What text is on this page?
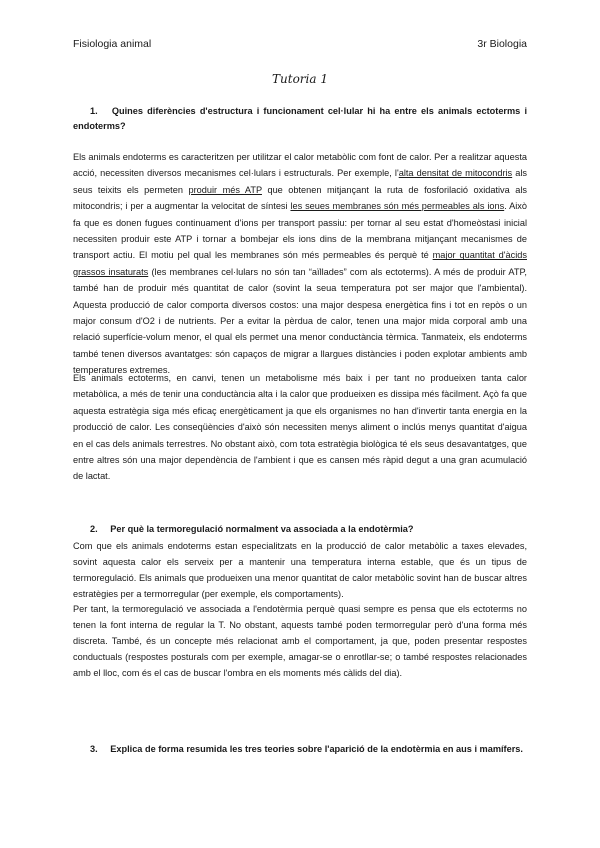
Fisiologia animal	3r Biologia
Tutoria 1
1. Quines diferències d'estructura i funcionament cel·lular hi ha entre els animals ectoterms i endoterms?

Els animals endoterms es caracteritzen per utilitzar el calor metabòlic com font de calor. Per a realitzar aquesta acció, necessiten diversos mecanismes cel·lulars i estructurals. Per exemple, l'alta densitat de mitocondris als seus teixits els permeten produir més ATP que obtenen mitjançant la ruta de fosforilació oxidativa als mitocondris; i per a augmentar la velocitat de síntesi les seues membranes són més permeables als ions. Això fa que es donen fugues continuament d'ions per transport passiu: per tornar al seu estat d'homeòstasi inicial necessiten produir este ATP i tornar a bombejar els ions dins de la membrana mitjançant mecanismes de transport actiu. El motiu pel qual les membranes són més permeables és perquè té major quantitat d'àcids grassos insaturats (les membranes cel·lulars no són tan “aïllades” com als ectoterms). A més de produir ATP, també han de produir més quantitat de calor (sovint la seua temperatura pot ser major que l'ambiental). Aquesta producció de calor comporta diversos costos: una major despesa energètica fins i tot en repòs o un major consum d'O2 i de nutrients. Per a evitar la pèrdua de calor, tenen una major mida corporal amb una relació superfície-volum menor, el qual els permet una menor conductància tèrmica. Tanmateix, els endoterms també tenen diversos avantatges: són capaços de migrar a llargues distàncies i poden explotar ambients amb temperatures extremes.

Els animals ectoterms, en canvi, tenen un metabolisme més baix i per tant no produeixen tanta calor metabòlica, a més de tenir una conductància alta i la calor que produeixen es dissipa més fàcilment. Açò fa que aquesta estratègia siga més eficaç energèticament ja que els organismes no han d'invertir tanta energia en la producció de calor. Les conseqüències d'això són necessiten menys aliment o inclús menys quantitat d'aigua en el cas dels animals terrestres. No obstant això, com tota estratègia biològica té els seus desavantatges, que entre altres són una major dependència de l'ambient i que es cansen més ràpid degut a una gran acumulació de lactat.

2. Per què la termoregulació normalment va associada a la endotèrmia?

Com que els animals endoterms estan especialitzats en la producció de calor metabòlic a taxes elevades, sovint aquesta calor els serveix per a mantenir una temperatura interna estable, que és un tipus de termoregulació. Els animals que produeixen una menor quantitat de calor metabòlic sovint han de buscar altres estratègies per a termorregular (per exemple, els comportaments).

Per tant, la termoregulació ve associada a l'endotèrmia perquè quasi sempre es pensa que els ectoterms no tenen la font interna de regular la T. No obstant, aquests també poden termorregular però d'una forma més discreta. També, és un concepte més relacionat amb el comportament, ja que, poden presentar respostes conductuals (respostes posturals com per exemple, amagar-se o enrotllar-se; o també respostes relacionades amb el lloc, com és el cas de buscar l'ombra en els moments més càlids del dia).

3. Explica de forma resumida les tres teories sobre l'aparició de la endotèrmia en aus i mamífers.
